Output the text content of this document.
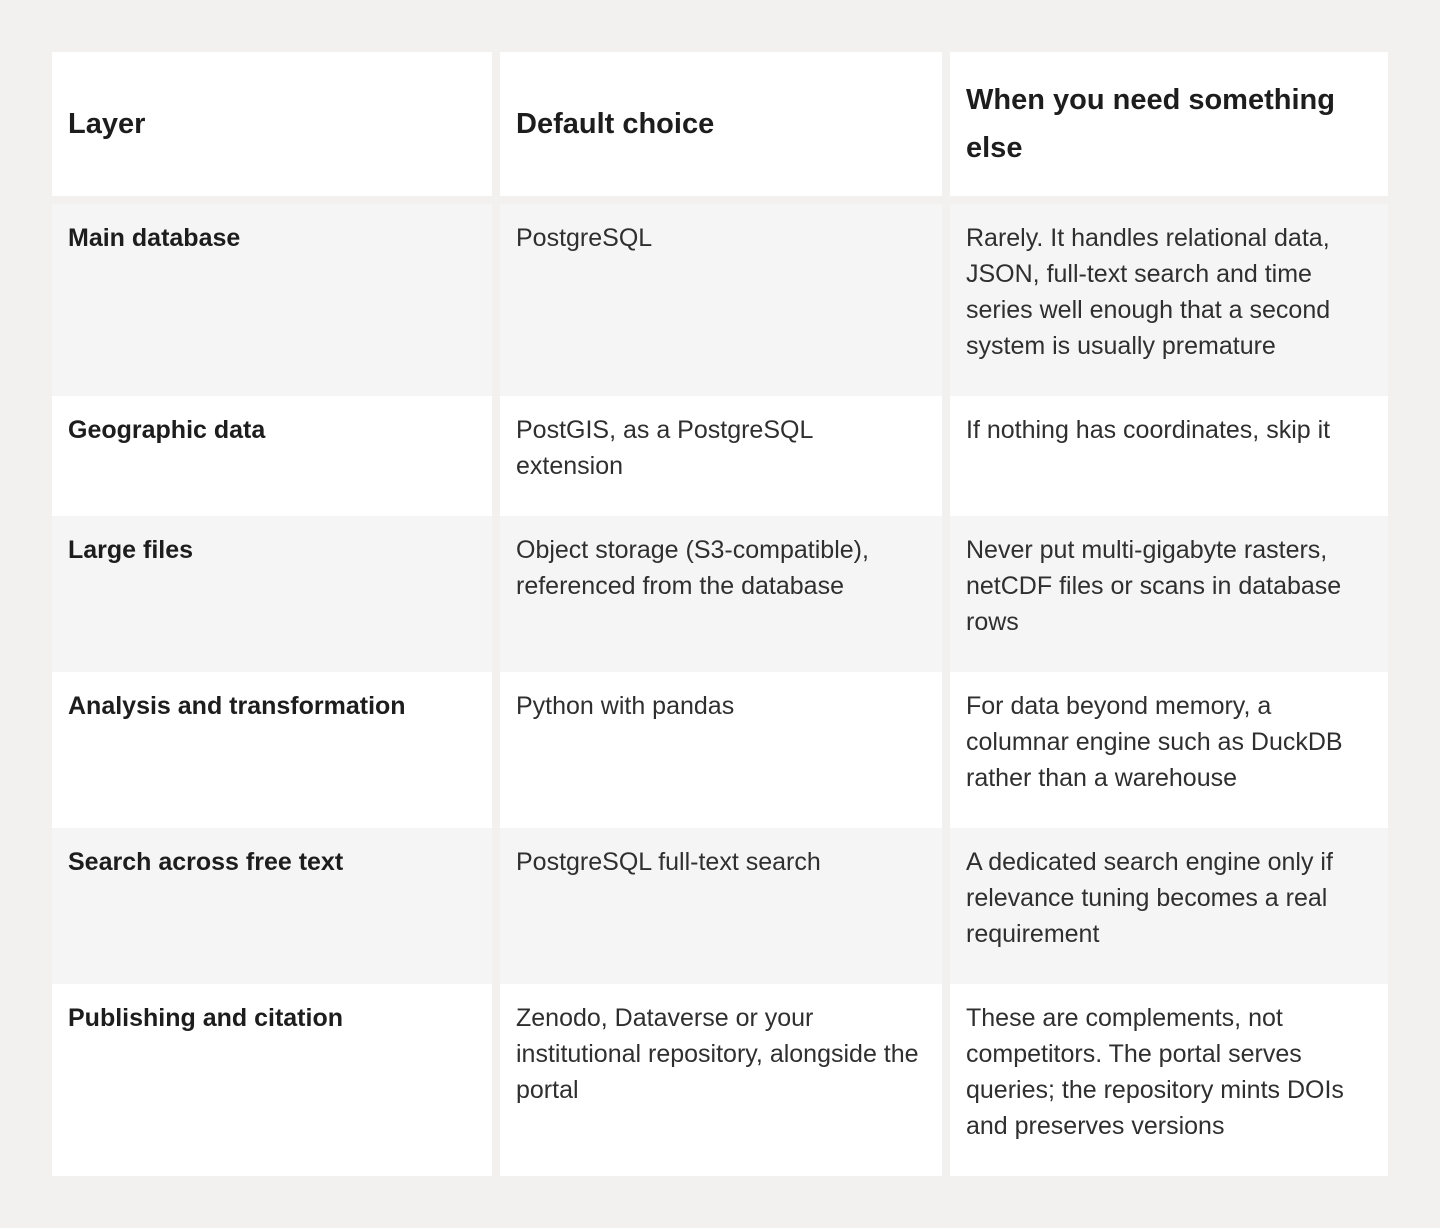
Layer	Default choice	When you need something else
Main database	PostgreSQL	Rarely. It handles relational data, JSON, full-text search and time series well enough that a second system is usually premature
Geographic data	PostGIS, as a PostgreSQL extension	If nothing has coordinates, skip it
Large files	Object storage (S3-compatible), referenced from the database	Never put multi-gigabyte rasters, netCDF files or scans in database rows
Analysis and transformation	Python with pandas	For data beyond memory, a columnar engine such as DuckDB rather than a warehouse
Search across free text	PostgreSQL full-text search	A dedicated search engine only if relevance tuning becomes a real requirement
Publishing and citation	Zenodo, Dataverse or your institutional repository, alongside the portal	These are complements, not competitors. The portal serves queries; the repository mints DOIs and preserves versions
